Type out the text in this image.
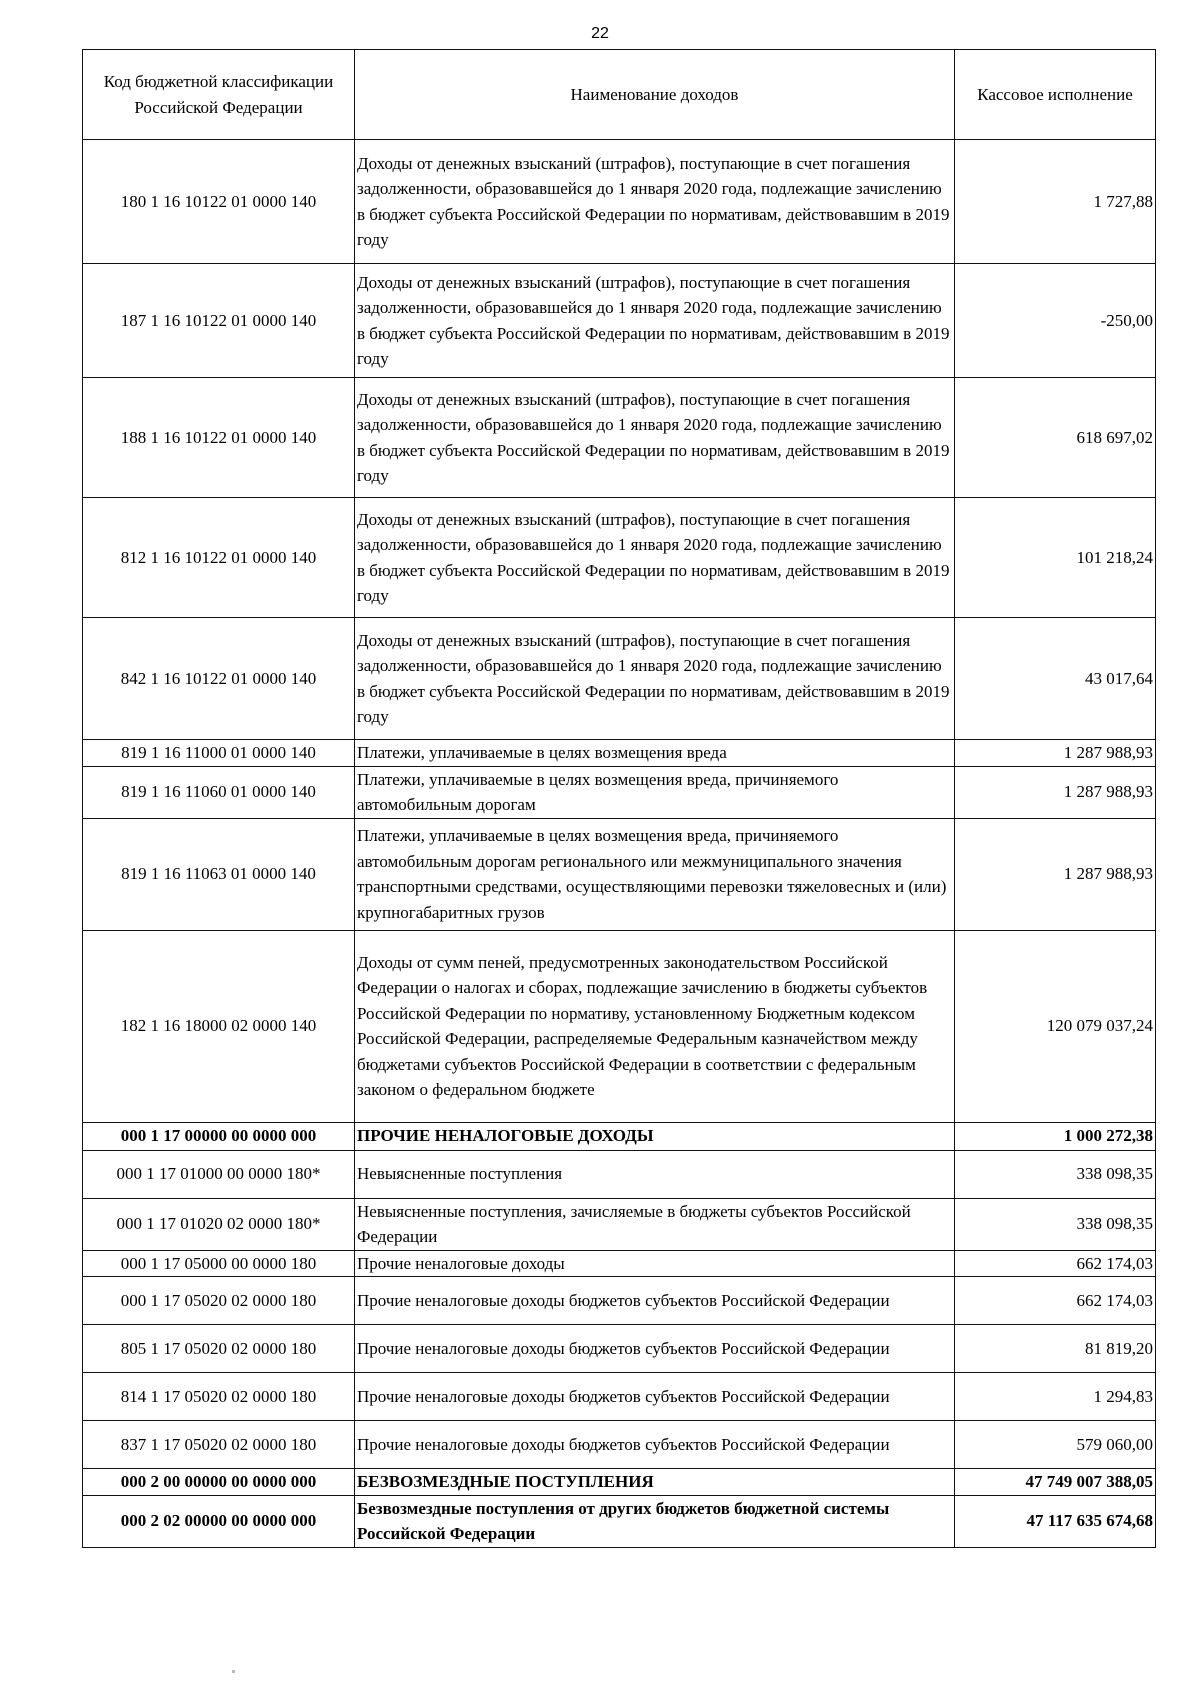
22
Код бюджетной классификации Российской Федерации	Наименование доходов	Кассовое исполнение
180 1 16 10122 01 0000 140	Доходы от денежных взысканий (штрафов), поступающие в счет погашения задолженности, образовавшейся до 1 января 2020 года, подлежащие зачислению в бюджет субъекта Российской Федерации по нормативам, действовавшим в 2019 году	1 727,88
187 1 16 10122 01 0000 140	Доходы от денежных взысканий (штрафов), поступающие в счет погашения задолженности, образовавшейся до 1 января 2020 года, подлежащие зачислению в бюджет субъекта Российской Федерации по нормативам, действовавшим в 2019 году	-250,00
188 1 16 10122 01 0000 140	Доходы от денежных взысканий (штрафов), поступающие в счет погашения задолженности, образовавшейся до 1 января 2020 года, подлежащие зачислению в бюджет субъекта Российской Федерации по нормативам, действовавшим в 2019 году	618 697,02
812 1 16 10122 01 0000 140	Доходы от денежных взысканий (штрафов), поступающие в счет погашения задолженности, образовавшейся до 1 января 2020 года, подлежащие зачислению в бюджет субъекта Российской Федерации по нормативам, действовавшим в 2019 году	101 218,24
842 1 16 10122 01 0000 140	Доходы от денежных взысканий (штрафов), поступающие в счет погашения задолженности, образовавшейся до 1 января 2020 года, подлежащие зачислению в бюджет субъекта Российской Федерации по нормативам, действовавшим в 2019 году	43 017,64
819 1 16 11000 01 0000 140	Платежи, уплачиваемые в целях возмещения вреда	1 287 988,93
819 1 16 11060 01 0000 140	Платежи, уплачиваемые в целях возмещения вреда, причиняемого автомобильным дорогам	1 287 988,93
819 1 16 11063 01 0000 140	Платежи, уплачиваемые в целях возмещения вреда, причиняемого автомобильным дорогам регионального или межмуниципального значения транспортными средствами, осуществляющими перевозки тяжеловесных и (или) крупногабаритных грузов	1 287 988,93
182 1 16 18000 02 0000 140	Доходы от сумм пеней, предусмотренных законодательством Российской Федерации о налогах и сборах, подлежащие зачислению в бюджеты субъектов Российской Федерации по нормативу, установленному Бюджетным кодексом Российской Федерации, распределяемые Федеральным казначейством между бюджетами субъектов Российской Федерации в соответствии с федеральным законом о федеральном бюджете	120 079 037,24
000 1 17 00000 00 0000 000	ПРОЧИЕ НЕНАЛОГОВЫЕ ДОХОДЫ	1 000 272,38
000 1 17 01000 00 0000 180*	Невыясненные поступления	338 098,35
000 1 17 01020 02 0000 180*	Невыясненные поступления, зачисляемые в бюджеты субъектов Российской Федерации	338 098,35
000 1 17 05000 00 0000 180	Прочие неналоговые доходы	662 174,03
000 1 17 05020 02 0000 180	Прочие неналоговые доходы бюджетов субъектов Российской Федерации	662 174,03
805 1 17 05020 02 0000 180	Прочие неналоговые доходы бюджетов субъектов Российской Федерации	81 819,20
814 1 17 05020 02 0000 180	Прочие неналоговые доходы бюджетов субъектов Российской Федерации	1 294,83
837 1 17 05020 02 0000 180	Прочие неналоговые доходы бюджетов субъектов Российской Федерации	579 060,00
000 2 00 00000 00 0000 000	БЕЗВОЗМЕЗДНЫЕ ПОСТУПЛЕНИЯ	47 749 007 388,05
000 2 02 00000 00 0000 000	Безвозмездные поступления от других бюджетов бюджетной системы Российской Федерации	47 117 635 674,68
